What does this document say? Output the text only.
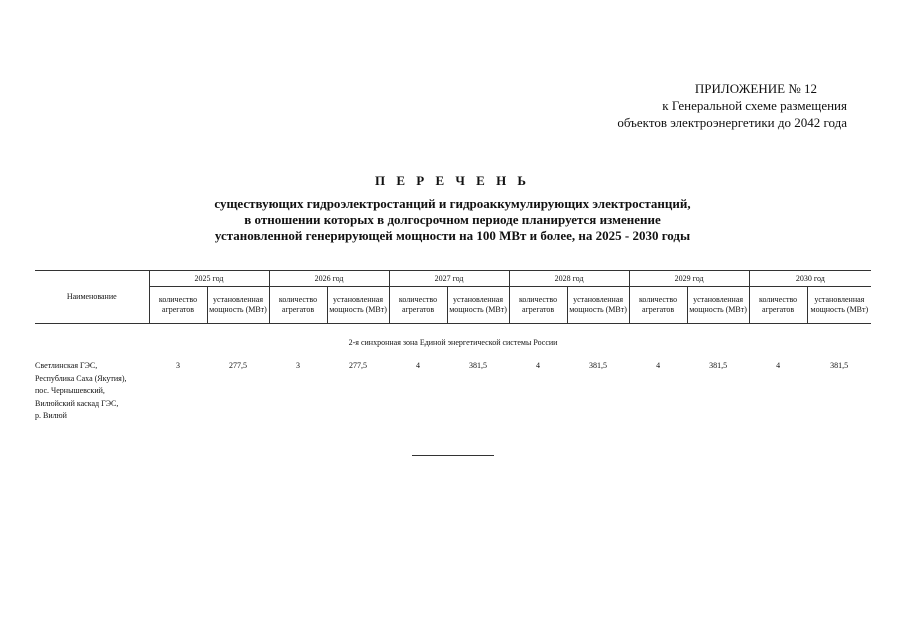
ПРИЛОЖЕНИЕ № 12
к Генеральной схеме размещения
объектов электроэнергетики до 2042 года
П Е Р Е Ч Е Н Ь
существующих гидроэлектростанций и гидроаккумулирующих электростанций,
в отношении которых в долгосрочном периоде планируется изменение
установленной генерирующей мощности на 100 МВт и более, на 2025 - 2030 годы
Наименование	2025 год		2026 год		2027 год		2028 год		2029 год		2030 год	
	количество агрегатов	установленная мощность (МВт)	количество агрегатов	установленная мощность (МВт)	количество агрегатов	установленная мощность (МВт)	количество агрегатов	установленная мощность (МВт)	количество агрегатов	установленная мощность (МВт)	количество агрегатов	установленная мощность (МВт)
2-я синхронная зона Единой энергетической системы России												

Светлинская ГЭС,
Республика Саха (Якутия),
пос. Чернышевский,
Вилюйский каскад ГЭС,
р. Вилюй	3	277,5	3	277,5	4	381,5	4	381,5	4	381,5	4	381,5
